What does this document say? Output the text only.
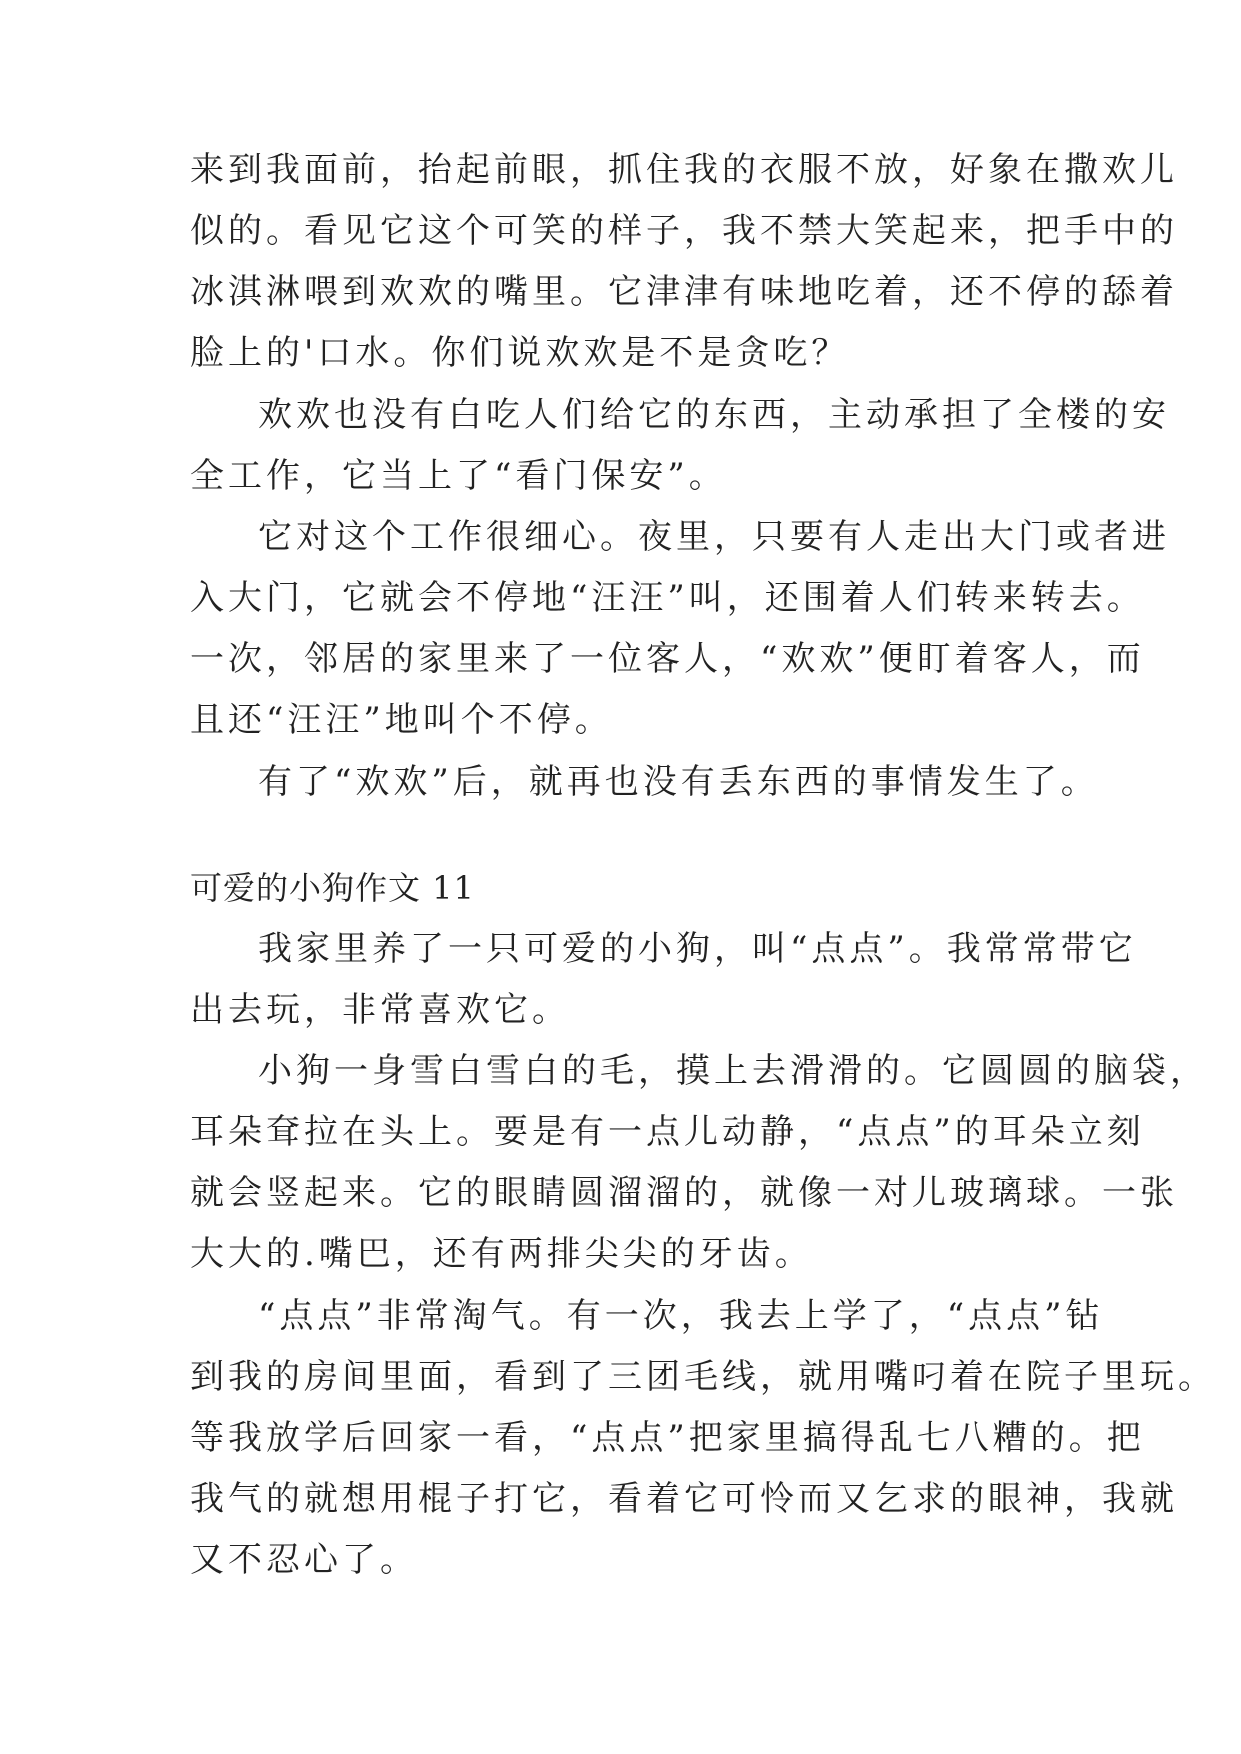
来到我面前，抬起前眼，抓住我的衣服不放，好象在撒欢儿
似的。看见它这个可笑的样子，我不禁大笑起来，把手中的
冰淇淋喂到欢欢的嘴里。它津津有味地吃着，还不停的舔着
脸上的'口水。你们说欢欢是不是贪吃？
欢欢也没有白吃人们给它的东西，主动承担了全楼的安
全工作，它当上了“看门保安”。
它对这个工作很细心。夜里，只要有人走出大门或者进
入大门，它就会不停地“汪汪”叫，还围着人们转来转去。
一次，邻居的家里来了一位客人，“欢欢”便盯着客人，而
且还“汪汪”地叫个不停。
有了“欢欢”后，就再也没有丢东西的事情发生了。
可爱的小狗作文 11
我家里养了一只可爱的小狗，叫“点点”。我常常带它
出去玩，非常喜欢它。
小狗一身雪白雪白的毛，摸上去滑滑的。它圆圆的脑袋，
耳朵耷拉在头上。要是有一点儿动静，“点点”的耳朵立刻
就会竖起来。它的眼睛圆溜溜的，就像一对儿玻璃球。一张
大大的.嘴巴，还有两排尖尖的牙齿。
“点点”非常淘气。有一次，我去上学了，“点点”钻
到我的房间里面，看到了三团毛线，就用嘴叼着在院子里玩。
等我放学后回家一看，“点点”把家里搞得乱七八糟的。把
我气的就想用棍子打它，看着它可怜而又乞求的眼神，我就
又不忍心了。
